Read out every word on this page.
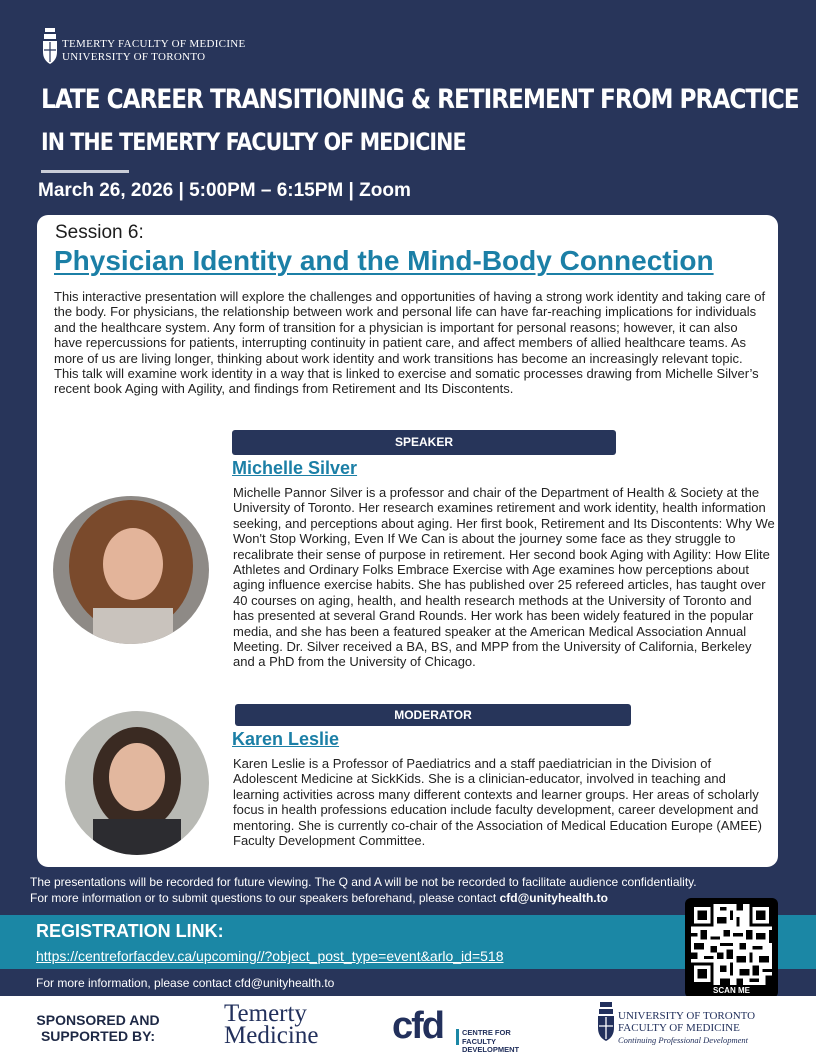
TEMERTY FACULTY OF MEDICINE
UNIVERSITY OF TORONTO
LATE CAREER TRANSITIONING & RETIREMENT FROM PRACTICE
IN THE TEMERTY FACULTY OF MEDICINE
March 26, 2026 | 5:00PM – 6:15PM | Zoom
Session 6:
Physician Identity and the Mind-Body Connection
This interactive presentation will explore the challenges and opportunities of having a strong work identity and taking care of the body. For physicians, the relationship between work and personal life can have far-reaching implications for individuals and the healthcare system. Any form of transition for a physician is important for personal reasons; however, it can also have repercussions for patients, interrupting continuity in patient care, and affect members of allied healthcare teams. As more of us are living longer, thinking about work identity and work transitions has become an increasingly relevant topic. This talk will examine work identity in a way that is linked to exercise and somatic processes drawing from Michelle Silver’s recent book Aging with Agility, and findings from Retirement and Its Discontents.
SPEAKER
Michelle Silver
Michelle Pannor Silver is a professor and chair of the Department of Health & Society at the University of Toronto. Her research examines retirement and work identity, health information seeking, and perceptions about aging. Her first book, Retirement and Its Discontents: Why We Won't Stop Working, Even If We Can is about the journey some face as they struggle to recalibrate their sense of purpose in retirement. Her second book Aging with Agility: How Elite Athletes and Ordinary Folks Embrace Exercise with Age examines how perceptions about aging influence exercise habits. She has published over 25 refereed articles, has taught over 40 courses on aging, health, and health research methods at the University of Toronto and has presented at several Grand Rounds. Her work has been widely featured in the popular media, and she has been a featured speaker at the American Medical Association Annual Meeting. Dr. Silver received a BA, BS, and MPP from the University of California, Berkeley and a PhD from the University of Chicago.
MODERATOR
Karen Leslie
Karen Leslie is a Professor of Paediatrics and a staff paediatrician in the Division of Adolescent Medicine at SickKids. She is a clinician-educator, involved in teaching and learning activities across many different contexts and learner groups. Her areas of scholarly focus in health professions education include faculty development, career development and mentoring. She is currently co-chair of the Association of Medical Education Europe (AMEE) Faculty Development Committee.
The presentations will be recorded for future viewing. The Q and A will be not be recorded to facilitate audience confidentiality.
For more information or to submit questions to our speakers beforehand, please contact cfd@unityhealth.to
REGISTRATION LINK:
https://centreforfacdev.ca/upcoming//?object_post_type=event&arlo_id=518
For more information, please contact cfd@unityhealth.to
SCAN ME
SPONSORED AND SUPPORTED BY:
Temerty
Medicine cfd	CENTRE FOR
FACULTY DEVELOPMENT
UNIVERSITY OF TORONTO
FACULTY OF MEDICINE
Continuing Professional Development
